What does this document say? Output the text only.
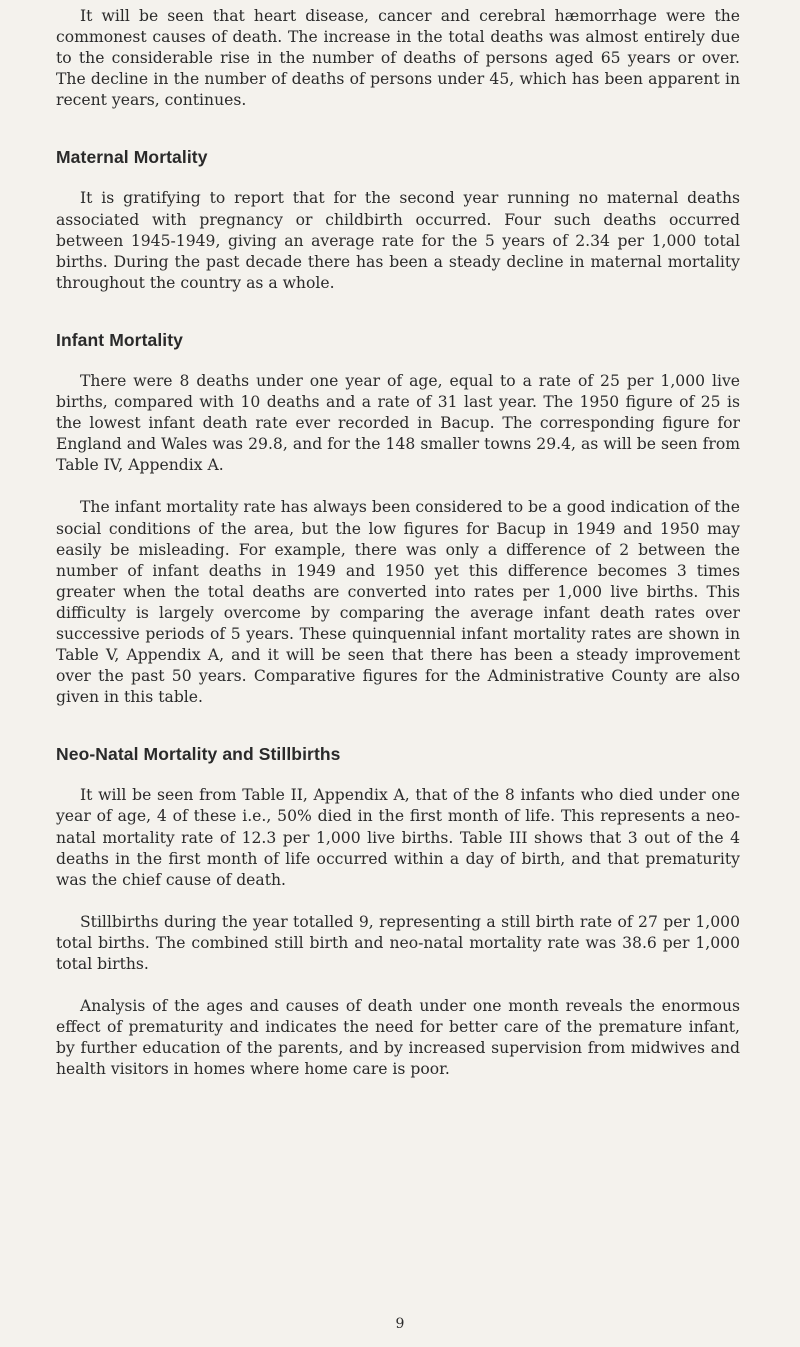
It will be seen that heart disease, cancer and cerebral hæmorrhage were the commonest causes of death. The increase in the total deaths was almost entirely due to the considerable rise in the number of deaths of persons aged 65 years or over. The decline in the number of deaths of persons under 45, which has been apparent in recent years, continues.

Maternal Mortality

It is gratifying to report that for the second year running no maternal deaths associated with pregnancy or childbirth occurred. Four such deaths occurred between 1945-1949, giving an average rate for the 5 years of 2.34 per 1,000 total births. During the past decade there has been a steady decline in maternal mortality throughout the country as a whole.

Infant Mortality

There were 8 deaths under one year of age, equal to a rate of 25 per 1,000 live births, compared with 10 deaths and a rate of 31 last year. The 1950 figure of 25 is the lowest infant death rate ever recorded in Bacup. The corresponding figure for England and Wales was 29.8, and for the 148 smaller towns 29.4, as will be seen from Table IV, Appendix A.

The infant mortality rate has always been considered to be a good indication of the social conditions of the area, but the low figures for Bacup in 1949 and 1950 may easily be misleading. For example, there was only a difference of 2 between the number of infant deaths in 1949 and 1950 yet this difference becomes 3 times greater when the total deaths are converted into rates per 1,000 live births. This difficulty is largely overcome by comparing the average infant death rates over successive periods of 5 years. These quinquennial infant mortality rates are shown in Table V, Appendix A, and it will be seen that there has been a steady improvement over the past 50 years. Comparative figures for the Administrative County are also given in this table.

Neo-Natal Mortality and Stillbirths

It will be seen from Table II, Appendix A, that of the 8 infants who died under one year of age, 4 of these i.e., 50% died in the first month of life. This represents a neo-natal mortality rate of 12.3 per 1,000 live births. Table III shows that 3 out of the 4 deaths in the first month of life occurred within a day of birth, and that prematurity was the chief cause of death.

Stillbirths during the year totalled 9, representing a still birth rate of 27 per 1,000 total births. The combined still birth and neo-natal mortality rate was 38.6 per 1,000 total births.

Analysis of the ages and causes of death under one month reveals the enormous effect of prematurity and indicates the need for better care of the premature infant, by further education of the parents, and by increased supervision from midwives and health visitors in homes where home care is poor.

9
